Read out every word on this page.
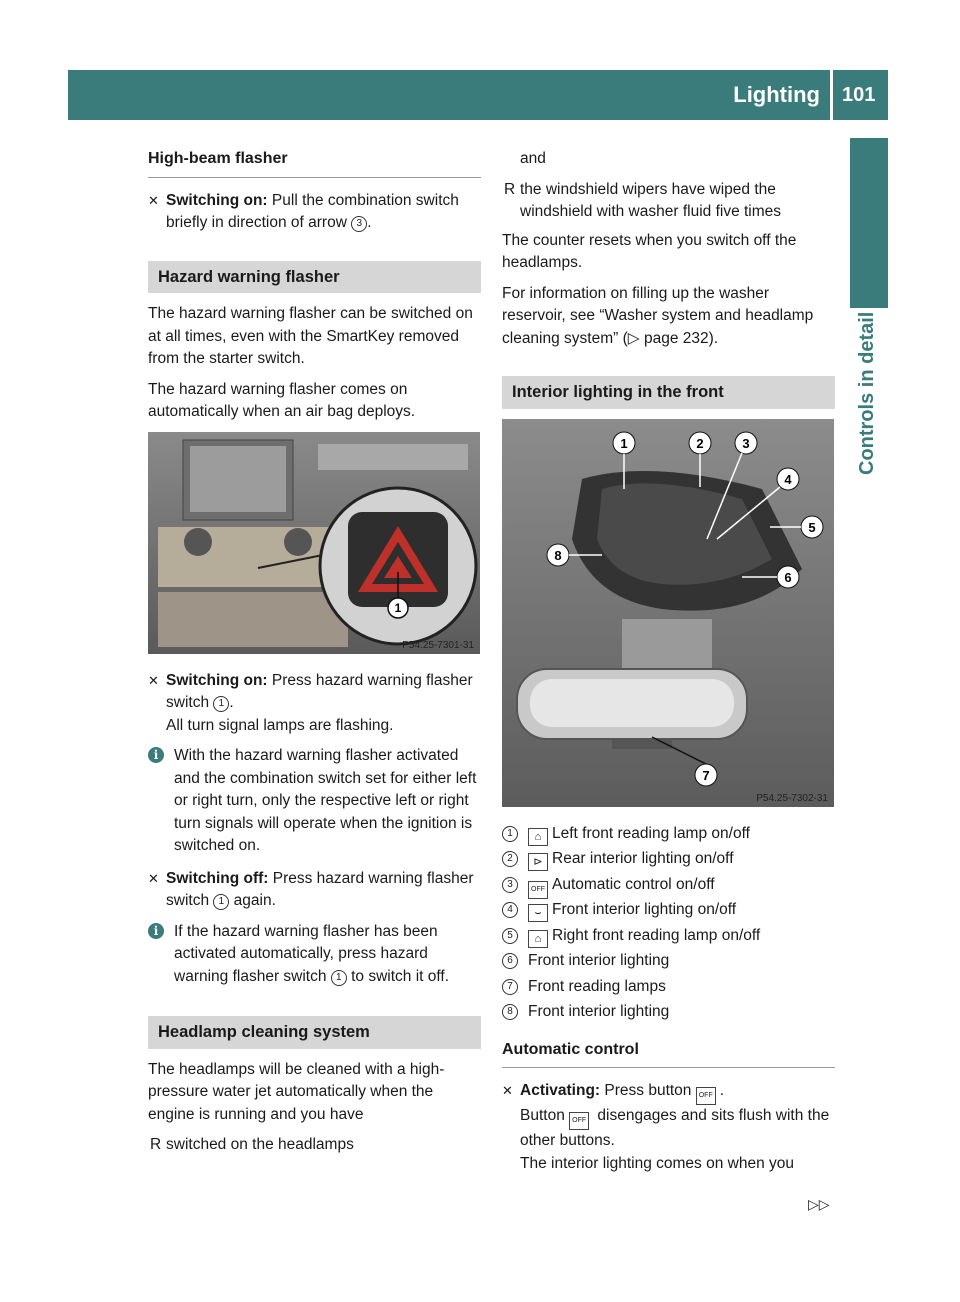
Lighting 101
Controls in detail
High-beam flasher
✕ Switching on: Pull the combination switch briefly in direction of arrow 3 .
Hazard warning flasher

The hazard warning flasher can be switched on at all times, even with the SmartKey removed from the starter switch.

The hazard warning flasher comes on automatically when an air bag deploys.

1
P54.25-7301-31
✕ Switching on: Press hazard warning flasher switch 1 .
All turn signal lamps are flashing.
i	With the hazard warning flasher activated and the combination switch set for either left or right turn, only the respective left or right turn signals will operate when the ignition is switched on.
✕ Switching off: Press hazard warning flasher switch 1 again.
i	If the hazard warning flasher has been activated automatically, press hazard warning flasher switch 1 to switch it off.
Headlamp cleaning system

The headlamps will be cleaned with a high-pressure water jet automatically when the engine is running and you have

R switched on the headlamps

and

R the windshield wipers have wiped the windshield with washer fluid five times

The counter resets when you switch off the headlamps.

For information on filling up the washer reservoir, see “Washer system and headlamp cleaning system” (▷ page 232).

Interior lighting in the front
1	2	3
4
5
6
7
8
P54.25-7302-31
1	⌂ Left front reading lamp on/off
2	⊳ Rear interior lighting on/off
3	OFF Automatic control on/off
4	⌣ Front interior lighting on/off
5	⌂ Right front reading lamp on/off
6 Front interior lighting
7 Front reading lamps
8 Front interior lighting
Automatic control
✕ Activating: Press button OFF .
Button OFF disengages and sits flush with the other buttons.
The interior lighting comes on when you
▷▷
